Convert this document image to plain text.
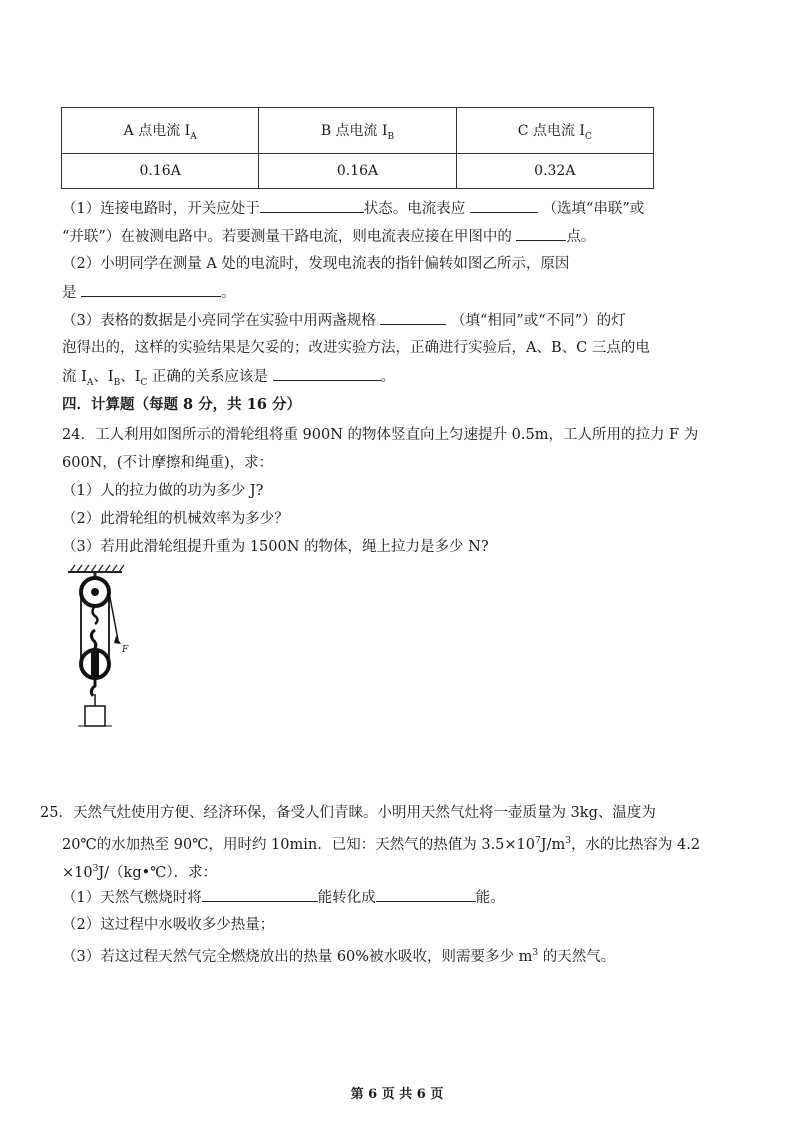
A 点电流 $I_A$	B 点电流 $I_B$	C 点电流 $I_C$
0.16A	0.16A	0.32A
（1）连接电路时，开关应处于	状态。电流表应	（选填“串联”或
“并联”）在被测电路中。若要测量干路电流，则电流表应接在甲图中的	点。
（2）小明同学在测量 A 处的电流时，发现电流表的指针偏转如图乙所示，原因
是	。
（3）表格的数据是小亮同学在实验中用两盏规格	（填“相同”或“不同”）的灯
泡得出的，这样的实验结果是欠妥的；改进实验方法，正确进行实验后，A、B、C 三点的电
流 $I_A$、$I_B$、$I_C$ 正确的关系应该是	。
四．计算题（每题 8 分，共 16 分）
24．工人利用如图所示的滑轮组将重 900N 的物体竖直向上匀速提升 0.5m，工人所用的拉力 F 为
600N，(不计摩擦和绳重)，求：
（1）人的拉力做的功为多少 J?
（2）此滑轮组的机械效率为多少？
（3）若用此滑轮组提升重为 1500N 的物体，绳上拉力是多少 N?
F
25．天然气灶使用方便、经济环保，备受人们青睐。小明用天然气灶将一壶质量为 3kg、温度为
20℃的水加热至 90℃，用时约 10min．已知：天然气的热值为 $3.5\times 10^7J/m^3$，水的比热容为 4.2
$\times 10^3J/(kg•℃)$．求：
（1）天然气燃烧时将	能转化成	能。
（2）这过程中水吸收多少热量；
（3）若这过程天然气完全燃烧放出的热量 60%被水吸收，则需要多少 $m^3$ 的天然气。
第 6 页 共 6 页
